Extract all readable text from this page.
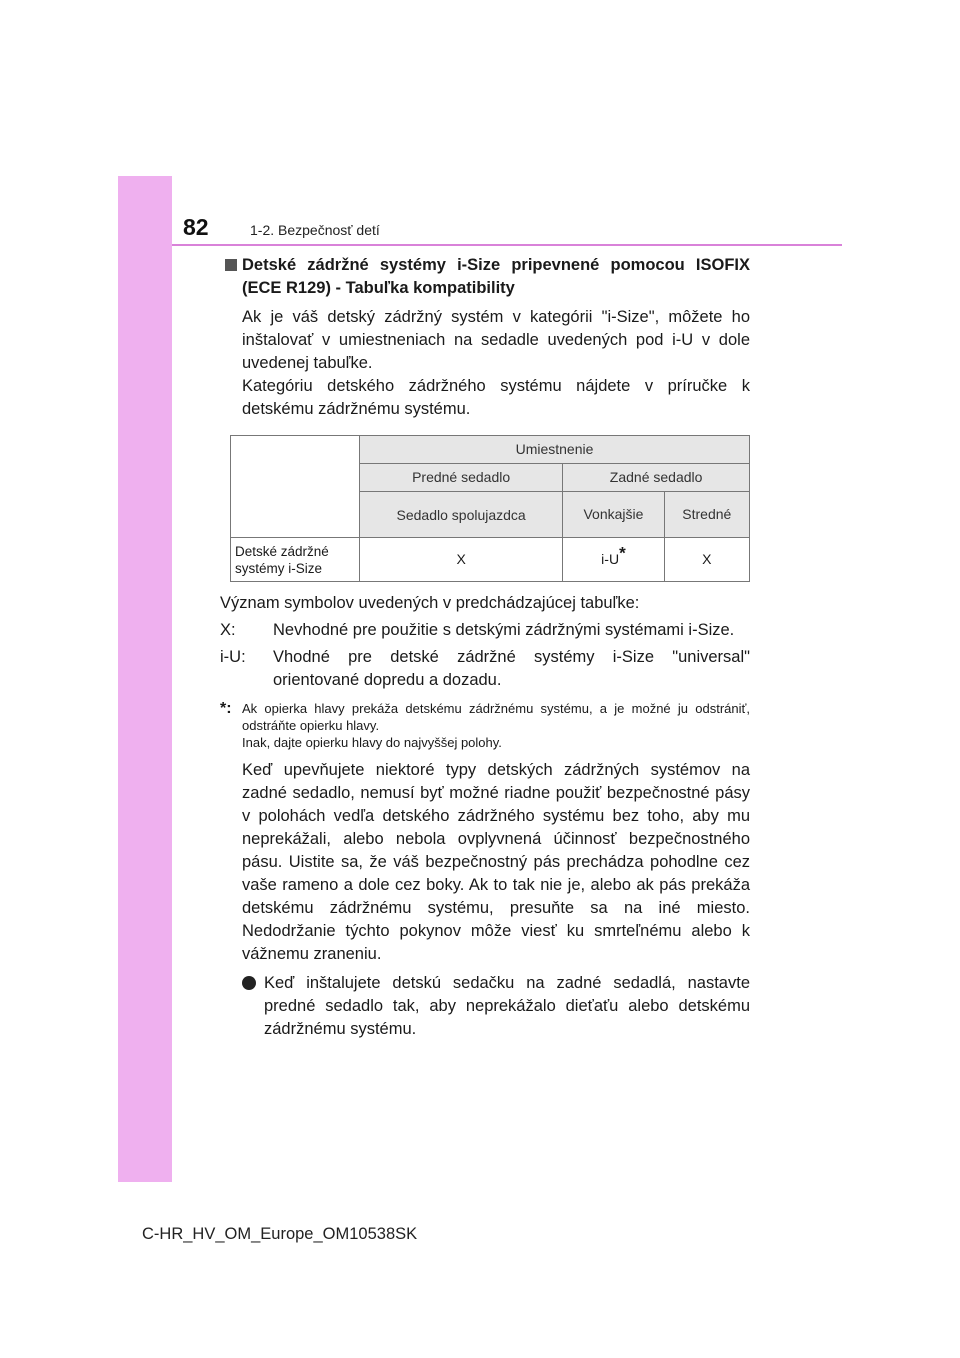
82	1-2. Bezpečnosť detí
Detské zádržné systémy i-Size pripevnené pomocou ISOFIX (ECE R129) - Tabuľka kompatibility
Ak je váš detský zádržný systém v kategórii "i-Size", môžete ho inštalovať v umiestneniach na sedadle uvedených pod i-U v dole uvedenej tabuľke.
Kategóriu detského zádržného systému nájdete v príručke k detskému zádržnému systému.
	Umiestnenie		
	Predné sedadlo	Zadné sedadlo	
	Sedadlo spolujazdca	Vonkajšie	Stredné
Detské zádržné systémy i-Size	X	i-U*	X
Význam symbolov uvedených v predchádzajúcej tabuľke:
X:	Nevhodné pre použitie s detskými zádržnými systémami i-Size.
i-U:	Vhodné pre detské zádržné systémy i-Size "universal" orientované dopredu a dozadu.
*: Ak opierka hlavy prekáža detskému zádržnému systému, a je možné ju odstrániť, odstráňte opierku hlavy.
Inak, dajte opierku hlavy do najvyššej polohy.
Keď upevňujete niektoré typy detských zádržných systémov na zadné sedadlo, nemusí byť možné riadne použiť bezpečnostné pásy v polohách vedľa detského zádržného systému bez toho, aby mu neprekážali, alebo nebola ovplyvnená účinnosť bezpečnostného pásu. Uistite sa, že váš bezpečnostný pás prechádza pohodlne cez vaše rameno a dole cez boky. Ak to tak nie je, alebo ak pás prekáža detskému zádržnému systému, presuňte sa na iné miesto. Nedodržanie týchto pokynov môže viesť ku smrteľnému alebo k vážnemu zraneniu.
Keď inštalujete detskú sedačku na zadné sedadlá, nastavte predné sedadlo tak, aby neprekážalo dieťaťu alebo detskému zádržnému systému.
C-HR_HV_OM_Europe_OM10538SK
